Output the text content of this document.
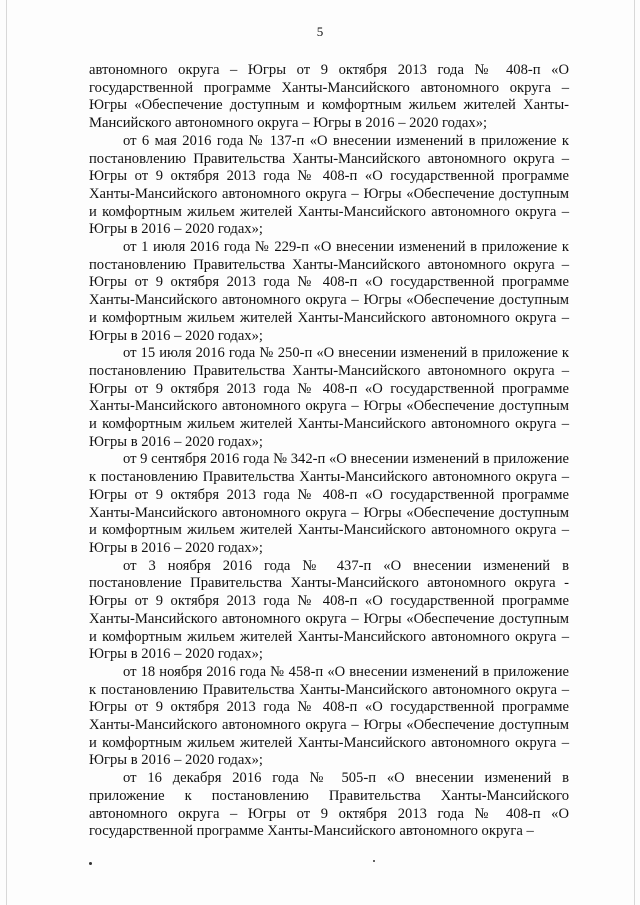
5

автономного округа – Югры от 9 октября 2013 года № 408-п «О государственной программе Ханты-Мансийского автономного округа – Югры «Обеспечение доступным и комфортным жильем жителей Ханты-Мансийского автономного округа – Югры в 2016 – 2020 годах»;

от 6 мая 2016 года № 137-п «О внесении изменений в приложение к постановлению Правительства Ханты-Мансийского автономного округа – Югры от 9 октября 2013 года № 408-п «О государственной программе Ханты-Мансийского автономного округа – Югры «Обеспечение доступным и комфортным жильем жителей Ханты-Мансийского автономного округа – Югры в 2016 – 2020 годах»;

от 1 июля 2016 года № 229-п «О внесении изменений в приложение к постановлению Правительства Ханты-Мансийского автономного округа – Югры от 9 октября 2013 года № 408-п «О государственной программе Ханты-Мансийского автономного округа – Югры «Обеспечение доступным и комфортным жильем жителей Ханты-Мансийского автономного округа – Югры в 2016 – 2020 годах»;

от 15 июля 2016 года № 250-п «О внесении изменений в приложение к постановлению Правительства Ханты-Мансийского автономного округа – Югры от 9 октября 2013 года № 408-п «О государственной программе Ханты-Мансийского автономного округа – Югры «Обеспечение доступным и комфортным жильем жителей Ханты-Мансийского автономного округа – Югры в 2016 – 2020 годах»;

от 9 сентября 2016 года № 342-п «О внесении изменений в приложение к постановлению Правительства Ханты-Мансийского автономного округа – Югры от 9 октября 2013 года № 408-п «О государственной программе Ханты-Мансийского автономного округа – Югры «Обеспечение доступным и комфортным жильем жителей Ханты-Мансийского автономного округа – Югры в 2016 – 2020 годах»;

от 3 ноября 2016 года № 437-п «О внесении изменений в постановление Правительства Ханты-Мансийского автономного округа - Югры от 9 октября 2013 года № 408-п «О государственной программе Ханты-Мансийского автономного округа – Югры «Обеспечение доступным и комфортным жильем жителей Ханты-Мансийского автономного округа – Югры в 2016 – 2020 годах»;

от 18 ноября 2016 года № 458-п «О внесении изменений в приложение к постановлению Правительства Ханты-Мансийского автономного округа – Югры от 9 октября 2013 года № 408-п «О государственной программе Ханты-Мансийского автономного округа – Югры «Обеспечение доступным и комфортным жильем жителей Ханты-Мансийского автономного округа – Югры в 2016 – 2020 годах»;

от 16 декабря 2016 года № 505-п «О внесении изменений в приложение к постановлению Правительства Ханты-Мансийского автономного округа – Югры от 9 октября 2013 года № 408-п «О государственной программе Ханты-Мансийского автономного округа –
